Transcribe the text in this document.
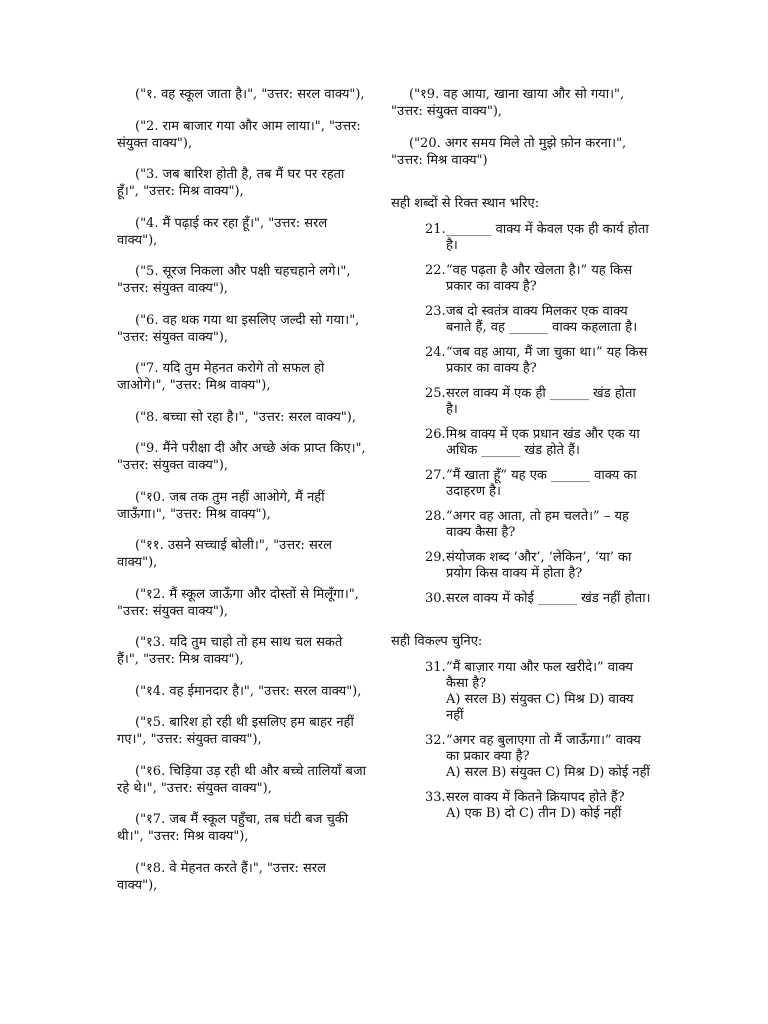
("१. वह स्कूल जाता है।", "उत्तर: सरल वाक्य"),

("2. राम बाजार गया और आम लाया।", "उत्तर: संयुक्त वाक्य"),

("3. जब बारिश होती है, तब मैं घर पर रहता हूँ।", "उत्तर: मिश्र वाक्य"),

("4. मैं पढ़ाई कर रहा हूँ।", "उत्तर: सरल वाक्य"),

("5. सूरज निकला और पक्षी चहचहाने लगे।", "उत्तर: संयुक्त वाक्य"),

("6. वह थक गया था इसलिए जल्दी सो गया।", "उत्तर: संयुक्त वाक्य"),

("7. यदि तुम मेहनत करोगे तो सफल हो जाओगे।", "उत्तर: मिश्र वाक्य"),

("8. बच्चा सो रहा है।", "उत्तर: सरल वाक्य"),

("9. मैंने परीक्षा दी और अच्छे अंक प्राप्त किए।", "उत्तर: संयुक्त वाक्य"),

("१0. जब तक तुम नहीं आओगे, मैं नहीं जाऊँगा।", "उत्तर: मिश्र वाक्य"),

("११. उसने सच्चाई बोली।", "उत्तर: सरल वाक्य"),

("१2. मैं स्कूल जाऊँगा और दोस्तों से मिलूँगा।", "उत्तर: संयुक्त वाक्य"),

("१3. यदि तुम चाहो तो हम साथ चल सकते हैं।", "उत्तर: मिश्र वाक्य"),

("१4. वह ईमानदार है।", "उत्तर: सरल वाक्य"),

("१5. बारिश हो रही थी इसलिए हम बाहर नहीं गए।", "उत्तर: संयुक्त वाक्य"),

("१6. चिड़िया उड़ रही थी और बच्चे तालियाँ बजा रहे थे।", "उत्तर: संयुक्त वाक्य"),

("१7. जब मैं स्कूल पहुँचा, तब घंटी बज चुकी थी।", "उत्तर: मिश्र वाक्य"),

("१8. वे मेहनत करते हैं।", "उत्तर: सरल वाक्य"),

("१9. वह आया, खाना खाया और सो गया।", "उत्तर: संयुक्त वाक्य"),

("20. अगर समय मिले तो मुझे फ़ोन करना।", "उत्तर: मिश्र वाक्य")

सही शब्दों से रिक्त स्थान भरिए:

21. _______ वाक्य में केवल एक ही कार्य होता है।
22. “वह पढ़ता है और खेलता है।” यह किस प्रकार का वाक्य है?
23. जब दो स्वतंत्र वाक्य मिलकर एक वाक्य बनाते हैं, वह ______ वाक्य कहलाता है।
24. “जब वह आया, मैं जा चुका था।” यह किस प्रकार का वाक्य है?
25. सरल वाक्य में एक ही ______ खंड होता है।
26. मिश्र वाक्य में एक प्रधान खंड और एक या अधिक ______ खंड होते हैं।
27. ”मैं खाता हूँ” यह एक ______ वाक्य का उदाहरण है।
28. “अगर वह आता, तो हम चलते।” – यह वाक्य कैसा है?
29. संयोजक शब्द ‘और’, ‘लेकिन’, ‘या’ का प्रयोग किस वाक्य में होता है?
30. सरल वाक्य में कोई ______ खंड नहीं होता।

सही विकल्प चुनिए:

31. ”मैं बाज़ार गया और फल खरीदे।” वाक्य कैसा है?
A) सरल B) संयुक्त C) मिश्र D) वाक्य नहीं
32. “अगर वह बुलाएगा तो मैं जाऊँगा।” वाक्य का प्रकार क्या है?
A) सरल B) संयुक्त C) मिश्र D) कोई नहीं
33. सरल वाक्य में कितने क्रियापद होते हैं?
A) एक B) दो C) तीन D) कोई नहीं
